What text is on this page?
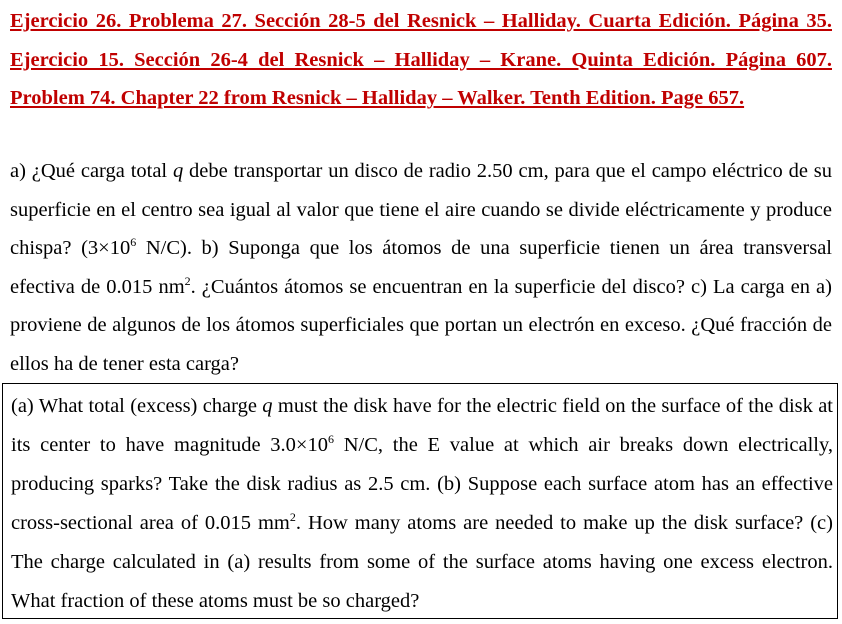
Ejercicio 26. Problema 27. Sección 28-5 del Resnick – Halliday. Cuarta Edición. Página 35. Ejercicio 15. Sección 26-4 del Resnick – Halliday – Krane. Quinta Edición. Página 607. Problem 74. Chapter 22 from Resnick – Halliday – Walker. Tenth Edition. Page 657.
a) ¿Qué carga total q debe transportar un disco de radio 2.50 cm, para que el campo eléctrico de su superficie en el centro sea igual al valor que tiene el aire cuando se divide eléctricamente y produce chispa? ($3\times 10^6$ N/C). b) Suponga que los átomos de una superficie tienen un área transversal efectiva de 0.015 $nm^2$. ¿Cuántos átomos se encuentran en la superficie del disco? c) La carga en a) proviene de algunos de los átomos superficiales que portan un electrón en exceso. ¿Qué fracción de ellos ha de tener esta carga?
(a) What total (excess) charge q must the disk have for the electric field on the surface of the disk at its center to have magnitude $3.0\times 10^6$ N/C, the E value at which air breaks down electrically, producing sparks? Take the disk radius as 2.5 cm. (b) Suppose each surface atom has an effective cross-sectional area of 0.015 $mm^2$. How many atoms are needed to make up the disk surface? (c) The charge calculated in (a) results from some of the surface atoms having one excess electron. What fraction of these atoms must be so charged?
